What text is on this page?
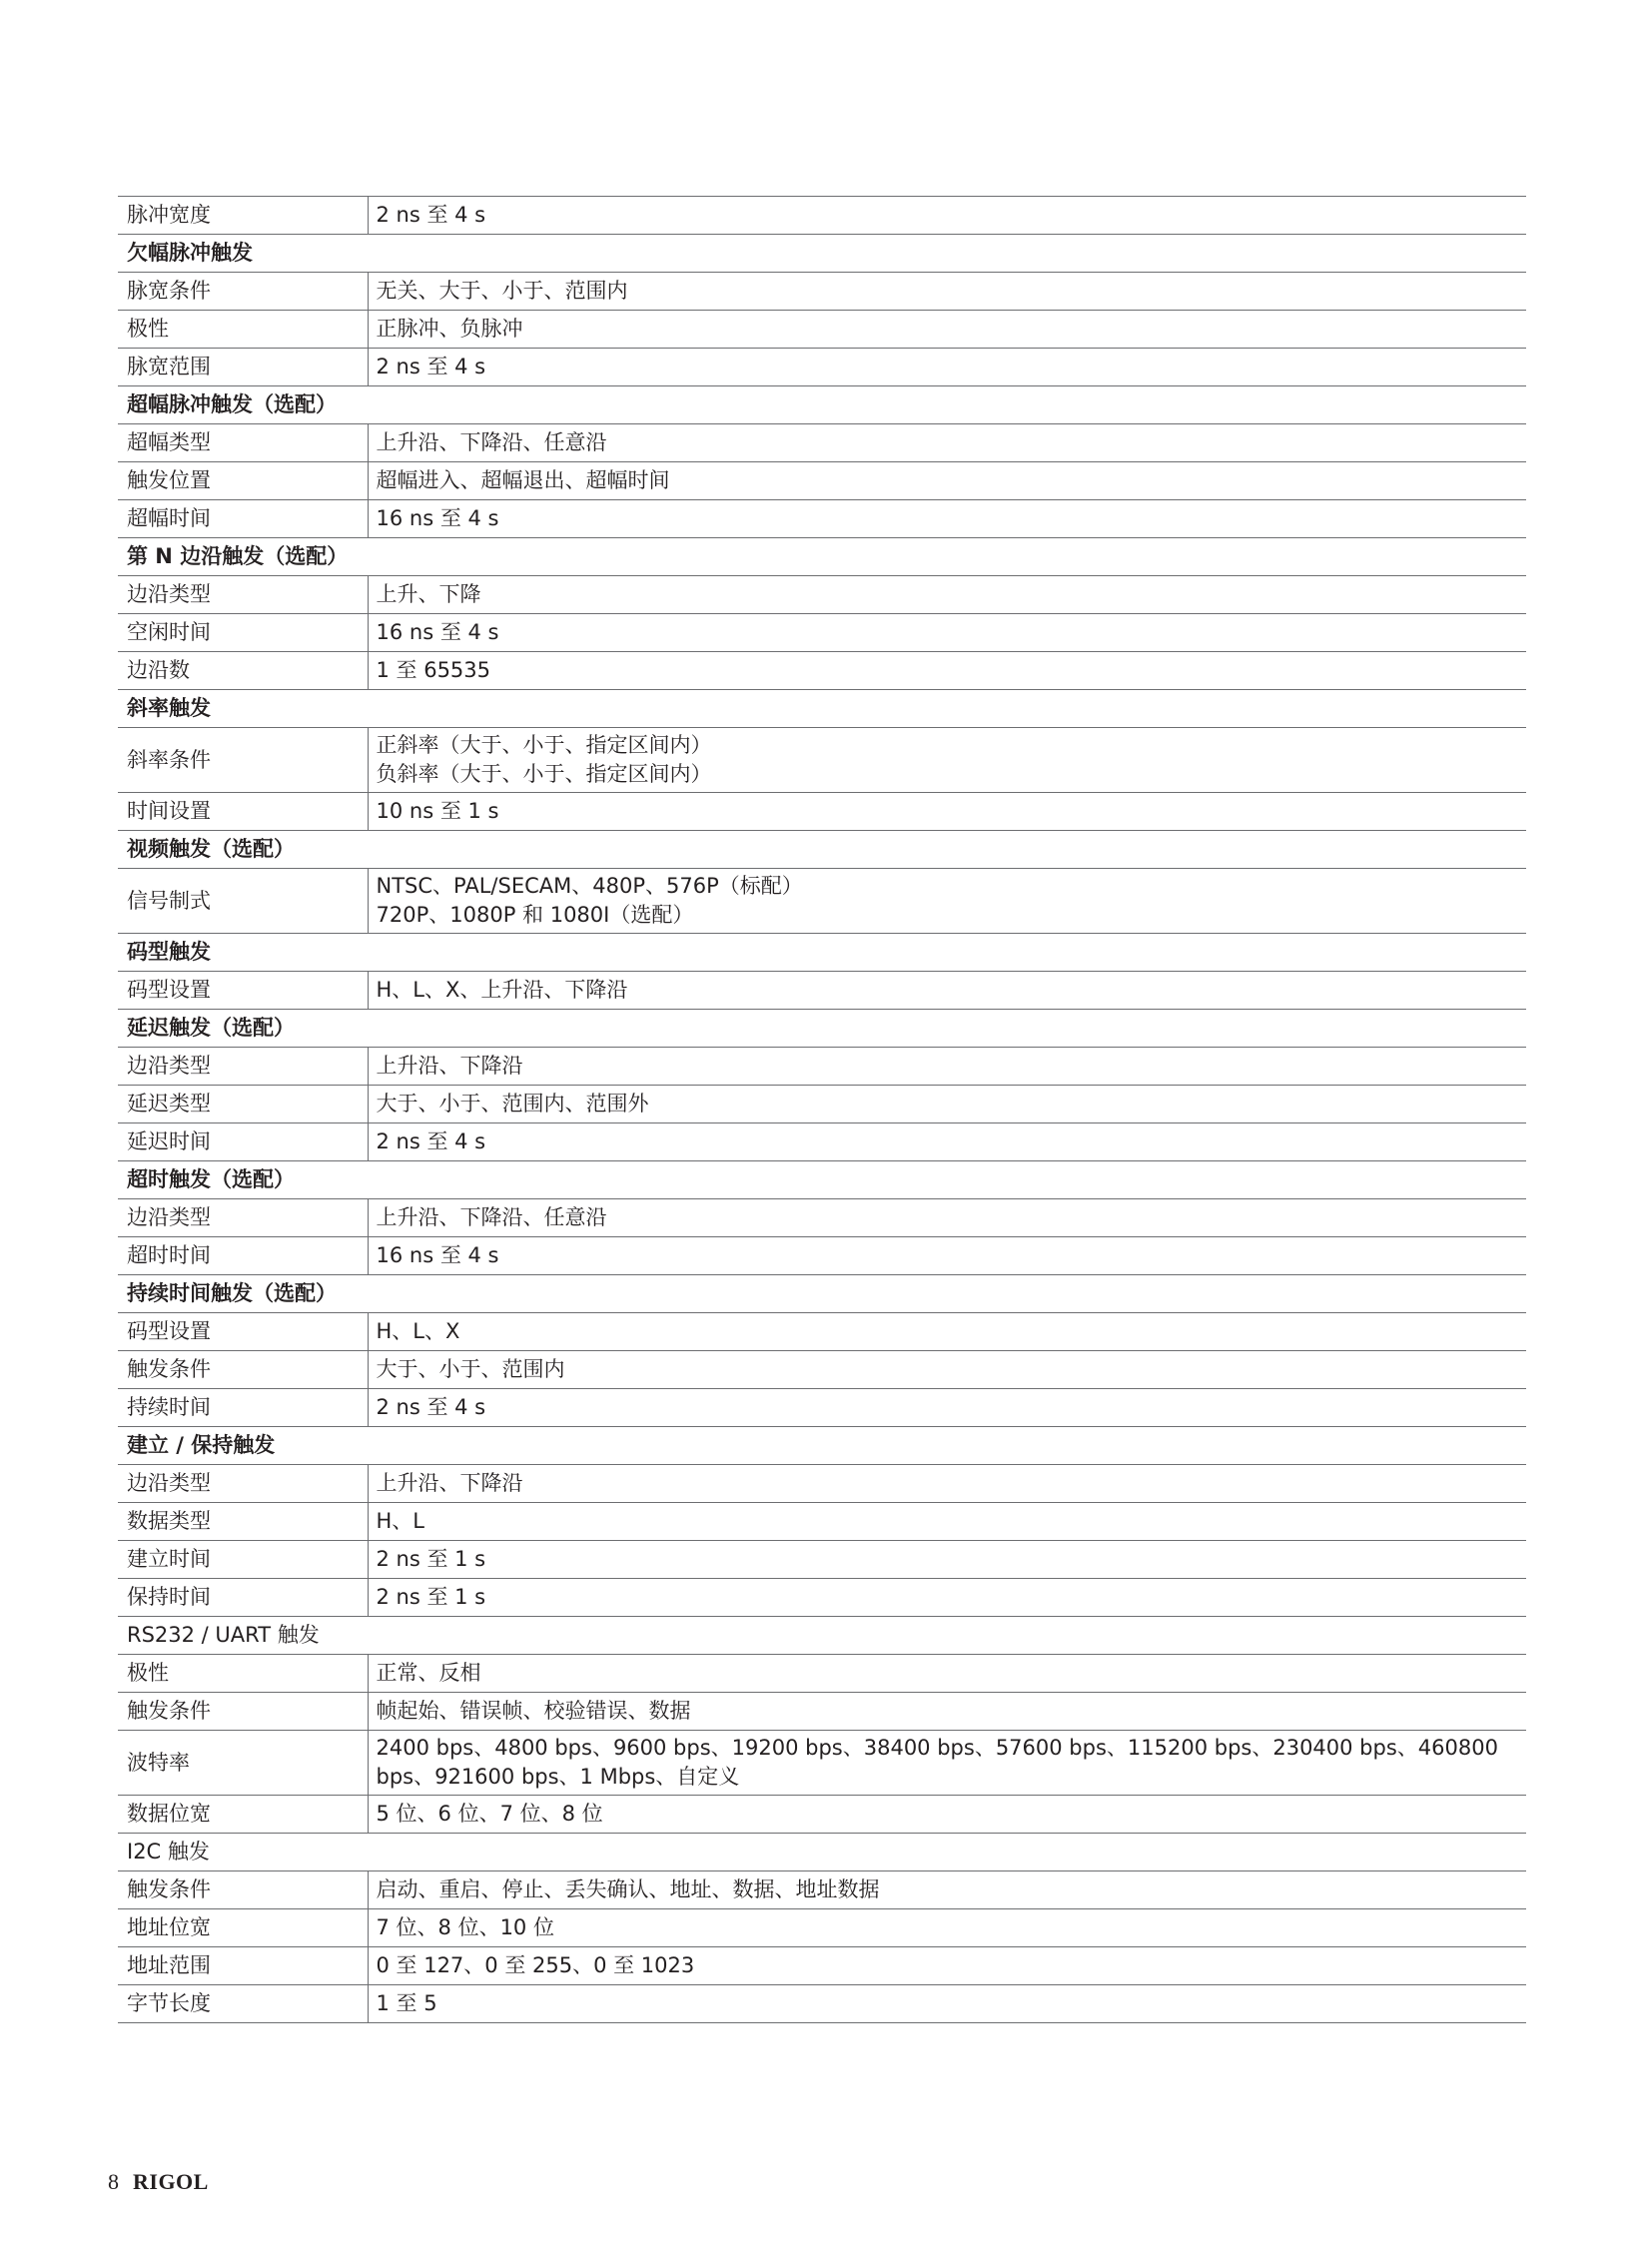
脉冲宽度	2 ns 至 4 s
欠幅脉冲触发	
脉宽条件	无关、大于、小于、范围内
极性	正脉冲、负脉冲
脉宽范围	2 ns 至 4 s
超幅脉冲触发（选配）	
超幅类型	上升沿、下降沿、任意沿
触发位置	超幅进入、超幅退出、超幅时间
超幅时间	16 ns 至 4 s
第 N 边沿触发（选配）	
边沿类型	上升、下降
空闲时间	16 ns 至 4 s
边沿数	1 至 65535
斜率触发	
斜率条件	正斜率（大于、小于、指定区间内）
负斜率（大于、小于、指定区间内）

时间设置	10 ns 至 1 s
视频触发（选配）	
信号制式	NTSC、PAL/SECAM、480P、576P（标配）
720P、1080P 和 1080I（选配）

码型触发	
码型设置	H、L、X、上升沿、下降沿
延迟触发（选配）	
边沿类型	上升沿、下降沿
延迟类型	大于、小于、范围内、范围外
延迟时间	2 ns 至 4 s
超时触发（选配）	
边沿类型	上升沿、下降沿、任意沿
超时时间	16 ns 至 4 s
持续时间触发（选配）	
码型设置	H、L、X
触发条件	大于、小于、范围内
持续时间	2 ns 至 4 s
建立 / 保持触发	
边沿类型	上升沿、下降沿
数据类型	H、L
建立时间	2 ns 至 1 s
保持时间	2 ns 至 1 s
RS232 / UART 触发	
极性	正常、反相
触发条件	帧起始、错误帧、校验错误、数据
波特率	2400 bps、4800 bps、9600 bps、19200 bps、38400 bps、57600 bps、115200 bps、230400 bps、460800 bps、921600 bps、1 Mbps、自定义
数据位宽	5 位、6 位、7 位、8 位
I2C 触发	
触发条件	启动、重启、停止、丢失确认、地址、数据、地址数据
地址位宽	7 位、8 位、10 位
地址范围	0 至 127、0 至 255、0 至 1023
字节长度	1 至 5
8 RIGOL
